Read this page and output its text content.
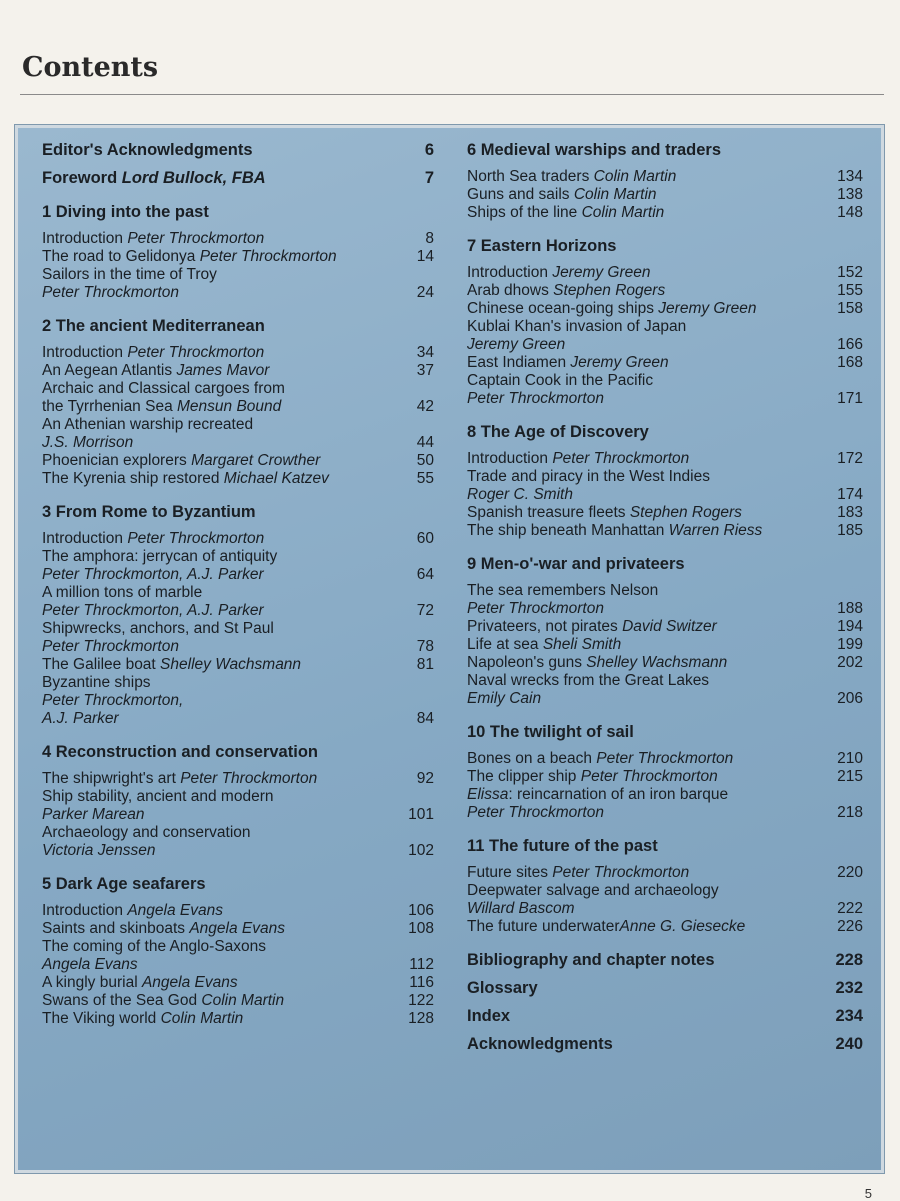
Contents
Editor's Acknowledgments	6
Foreword Lord Bullock, FBA	7
1 Diving into the past
Introduction Peter Throckmorton	8
The road to Gelidonya Peter Throckmorton	14
Sailors in the time of Troy
Peter Throckmorton	24
2 The ancient Mediterranean
Introduction Peter Throckmorton	34
An Aegean Atlantis James Mavor	37
Archaic and Classical cargoes from
the Tyrrhenian Sea Mensun Bound	42
An Athenian warship recreated
J.S. Morrison	44
Phoenician explorers Margaret Crowther	50
The Kyrenia ship restored Michael Katzev	55
3 From Rome to Byzantium
Introduction Peter Throckmorton	60
The amphora: jerrycan of antiquity
Peter Throckmorton, A.J. Parker	64
A million tons of marble
Peter Throckmorton, A.J. Parker	72
Shipwrecks, anchors, and St Paul
Peter Throckmorton	78
The Galilee boat Shelley Wachsmann	81
Byzantine ships
Peter Throckmorton,
A.J. Parker	84
4 Reconstruction and conservation
The shipwright's art Peter Throckmorton	92
Ship stability, ancient and modern
Parker Marean	101
Archaeology and conservation
Victoria Jenssen	102
5 Dark Age seafarers
Introduction Angela Evans	106
Saints and skinboats Angela Evans	108
The coming of the Anglo-Saxons
Angela Evans	112
A kingly burial Angela Evans	116
Swans of the Sea God Colin Martin	122
The Viking world Colin Martin	128
6 Medieval warships and traders
North Sea traders Colin Martin	134
Guns and sails Colin Martin	138
Ships of the line Colin Martin	148
7 Eastern Horizons
Introduction Jeremy Green	152
Arab dhows Stephen Rogers	155
Chinese ocean-going ships Jeremy Green	158
Kublai Khan's invasion of Japan
Jeremy Green	166
East Indiamen Jeremy Green	168
Captain Cook in the Pacific
Peter Throckmorton	171
8 The Age of Discovery
Introduction Peter Throckmorton	172
Trade and piracy in the West Indies
Roger C. Smith	174
Spanish treasure fleets Stephen Rogers	183
The ship beneath Manhattan Warren Riess	185
9 Men-o'-war and privateers
The sea remembers Nelson
Peter Throckmorton	188
Privateers, not pirates David Switzer	194
Life at sea Sheli Smith	199
Napoleon's guns Shelley Wachsmann	202
Naval wrecks from the Great Lakes
Emily Cain	206
10 The twilight of sail
Bones on a beach Peter Throckmorton	210
The clipper ship Peter Throckmorton	215
Elissa: reincarnation of an iron barque
Peter Throckmorton	218
11 The future of the past
Future sites Peter Throckmorton	220
Deepwater salvage and archaeology
Willard Bascom	222
The future underwaterAnne G. Giesecke	226
Bibliography and chapter notes	228
Glossary	232
Index	234
Acknowledgments	240
5
